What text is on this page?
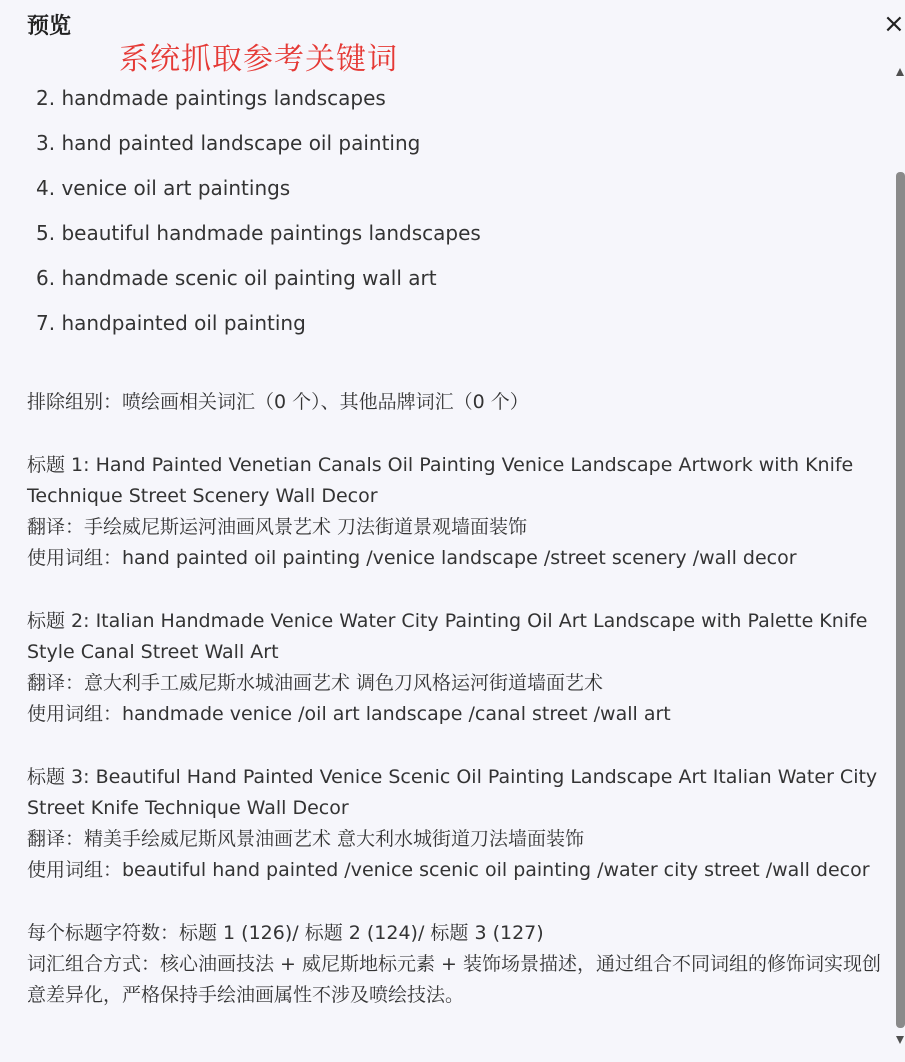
预览	×
系统抓取参考关键词
2. handmade paintings landscapes
3. hand painted landscape oil painting
4. venice oil art paintings
5. beautiful handmade paintings landscapes
6. handmade scenic oil painting wall art
7. handpainted oil painting

排除组别：喷绘画相关词汇（0 个）、其他品牌词汇（0 个）

标题 1: Hand Painted Venetian Canals Oil Painting Venice Landscape Artwork with Knife Technique Street Scenery Wall Decor

翻译：手绘威尼斯运河油画风景艺术 刀法街道景观墙面装饰

使用词组：hand painted oil painting /venice landscape /street scenery /wall decor

标题 2: Italian Handmade Venice Water City Painting Oil Art Landscape with Palette Knife Style Canal Street Wall Art

翻译：意大利手工威尼斯水城油画艺术 调色刀风格运河街道墙面艺术

使用词组：handmade venice /oil art landscape /canal street /wall art

标题 3: Beautiful Hand Painted Venice Scenic Oil Painting Landscape Art Italian Water City Street Knife Technique Wall Decor

翻译：精美手绘威尼斯风景油画艺术 意大利水城街道刀法墙面装饰

使用词组：beautiful hand painted /venice scenic oil painting /water city street /wall decor

每个标题字符数：标题 1 (126)/ 标题 2 (124)/ 标题 3 (127)

词汇组合方式：核心油画技法 + 威尼斯地标元素 + 装饰场景描述，通过组合不同词组的修饰词实现创意差异化，严格保持手绘油画属性不涉及喷绘技法。
